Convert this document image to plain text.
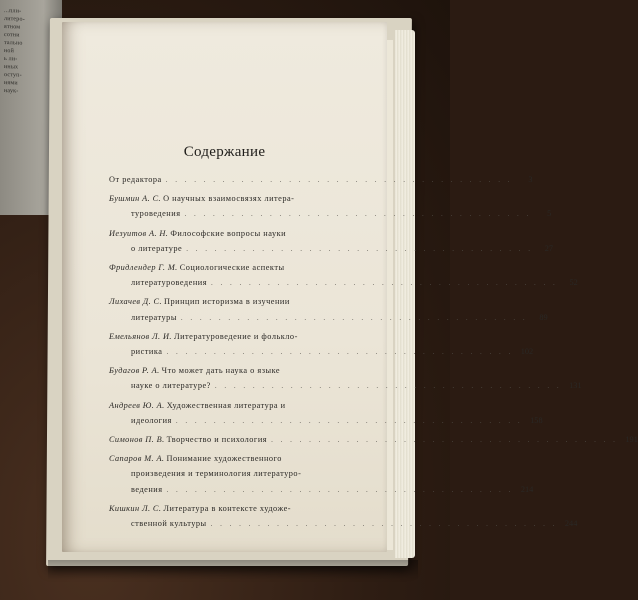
...пли-
литеро-
ятном
сотни
тально
ной
ь ли-
иных
оступ-
иями
наук-
Содержание
От редактора . . . . . . . . . . . . . . . . . . . . . . . . . . . . . . . . . . . . .	3
Бушмин А. С. О научных взаимосвязях литера-
туроведения . . . . . . . . . . . . . . . . . . . . . . . . . . . . . . . . . . . . .	5
Иезуитов А. Н. Философские вопросы науки
о литературе . . . . . . . . . . . . . . . . . . . . . . . . . . . . . . . . . . . . .	27
Фридлендер Г. М. Социологические аспекты
литературоведения . . . . . . . . . . . . . . . . . . . . . . . . . . . . . . . . . . . . .	52
Лихачев Д. С. Принцип историзма в изучении
литературы . . . . . . . . . . . . . . . . . . . . . . . . . . . . . . . . . . . . .	89
Емельянов Л. И. Литературоведение и фолькло-
ристика . . . . . . . . . . . . . . . . . . . . . . . . . . . . . . . . . . . . . 102
Будагов Р. А. Что может дать наука о языке
науке о литературе? . . . . . . . . . . . . . . . . . . . . . . . . . . . . . . . . . . . . . 131
Андреев Ю. А. Художественная литература и
идеология . . . . . . . . . . . . . . . . . . . . . . . . . . . . . . . . . . . . . 158
Симонов П. В. Творчество и психология . . . . . . . . . . . . . . . . . . . . . . . . . . . . . . . . . . . . . 191
Сапаров М. А. Понимание художественного
произведения и терминология литературо-
ведения . . . . . . . . . . . . . . . . . . . . . . . . . . . . . . . . . . . . . 214
Кишкин Л. С. Литература в контексте художе-
ственной культуры . . . . . . . . . . . . . . . . . . . . . . . . . . . . . . . . . . . . . 244
